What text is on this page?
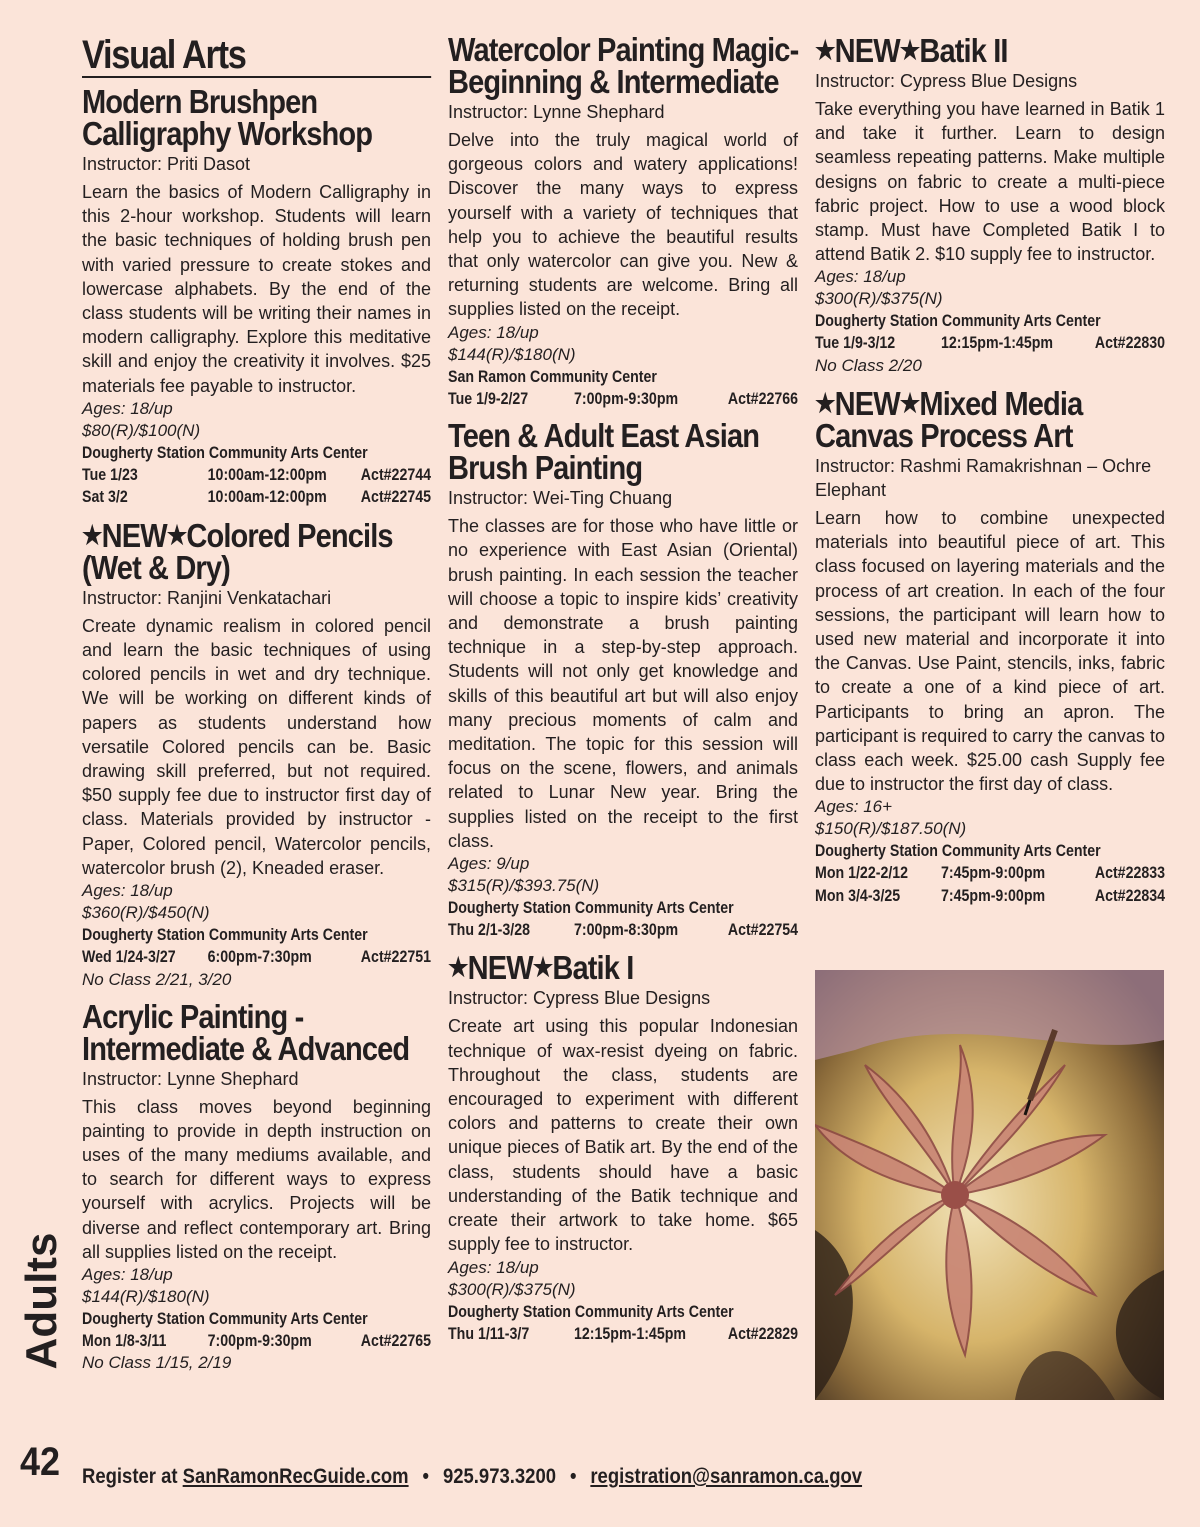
Visual Arts
Modern Brushpen Calligraphy Workshop
Instructor: Priti Dasot
Learn the basics of Modern Calligraphy in this 2-hour workshop. Students will learn the basic techniques of holding brush pen with varied pressure to create stokes and lowercase alphabets. By the end of the class students will be writing their names in modern calligraphy. Explore this meditative skill and enjoy the creativity it involves. $25 materials fee payable to instructor.
Ages: 18/up
$80(R)/$100(N)
Dougherty Station Community Arts Center
Tue 1/23	10:00am-12:00pm	Act#22744
Sat 3/2	10:00am-12:00pm	Act#22745
★NEW★Colored Pencils (Wet & Dry)
Instructor: Ranjini Venkatachari
Create dynamic realism in colored pencil and learn the basic techniques of using colored pencils in wet and dry technique. We will be working on different kinds of papers as students understand how versatile Colored pencils can be. Basic drawing skill preferred, but not required. $50 supply fee due to instructor first day of class. Materials provided by instructor - Paper, Colored pencil, Watercolor pencils, watercolor brush (2), Kneaded eraser.
Ages: 18/up
$360(R)/$450(N)
Dougherty Station Community Arts Center
Wed 1/24-3/27	6:00pm-7:30pm	Act#22751
No Class 2/21, 3/20
Acrylic Painting - Intermediate & Advanced
Instructor: Lynne Shephard
This class moves beyond beginning painting to provide in depth instruction on uses of the many mediums available, and to search for different ways to express yourself with acrylics. Projects will be diverse and reflect contemporary art. Bring all supplies listed on the receipt.
Ages: 18/up
$144(R)/$180(N)
Dougherty Station Community Arts Center
Mon 1/8-3/11	7:00pm-9:30pm	Act#22765
No Class 1/15, 2/19
Watercolor Painting Magic- Beginning & Intermediate
Instructor: Lynne Shephard
Delve into the truly magical world of gorgeous colors and watery applications! Discover the many ways to express yourself with a variety of techniques that help you to achieve the beautiful results that only watercolor can give you. New & returning students are welcome. Bring all supplies listed on the receipt.
Ages: 18/up
$144(R)/$180(N)
San Ramon Community Center
Tue 1/9-2/27	7:00pm-9:30pm	Act#22766
Teen & Adult East Asian Brush Painting
Instructor: Wei-Ting Chuang
The classes are for those who have little or no experience with East Asian (Oriental) brush painting. In each session the teacher will choose a topic to inspire kids’ creativity and demonstrate a brush painting technique in a step-by-step approach. Students will not only get knowledge and skills of this beautiful art but will also enjoy many precious moments of calm and meditation. The topic for this session will focus on the scene, flowers, and animals related to Lunar New year. Bring the supplies listed on the receipt to the first class.
Ages: 9/up
$315(R)/$393.75(N)
Dougherty Station Community Arts Center
Thu 2/1-3/28	7:00pm-8:30pm	Act#22754
★NEW★Batik I
Instructor: Cypress Blue Designs
Create art using this popular Indonesian technique of wax-resist dyeing on fabric. Throughout the class, students are encouraged to experiment with different colors and patterns to create their own unique pieces of Batik art. By the end of the class, students should have a basic understanding of the Batik technique and create their artwork to take home. $65 supply fee to instructor.
Ages: 18/up
$300(R)/$375(N)
Dougherty Station Community Arts Center
Thu 1/11-3/7	12:15pm-1:45pm	Act#22829
★NEW★Batik II
Instructor: Cypress Blue Designs
Take everything you have learned in Batik 1 and take it further. Learn to design seamless repeating patterns. Make multiple designs on fabric to create a multi-piece fabric project. How to use a wood block stamp. Must have Completed Batik I to attend Batik 2. $10 supply fee to instructor.
Ages: 18/up
$300(R)/$375(N)
Dougherty Station Community Arts Center
Tue 1/9-3/12	12:15pm-1:45pm	Act#22830
No Class 2/20
★NEW★Mixed Media Canvas Process Art
Instructor: Rashmi Ramakrishnan – Ochre Elephant
Learn how to combine unexpected materials into beautiful piece of art. This class focused on layering materials and the process of art creation. In each of the four sessions, the participant will learn how to used new material and incorporate it into the Canvas. Use Paint, stencils, inks, fabric to create a one of a kind piece of art. Participants to bring an apron. The participant is required to carry the canvas to class each week. $25.00 cash Supply fee due to instructor the first day of class.
Ages: 16+
$150(R)/$187.50(N)
Dougherty Station Community Arts Center
Mon 1/22-2/12	7:45pm-9:00pm	Act#22833
Mon 3/4-3/25	7:45pm-9:00pm	Act#22834
Adults
42 Register at SanRamonRecGuide.com • 925.973.3200 • registration@sanramon.ca.gov
